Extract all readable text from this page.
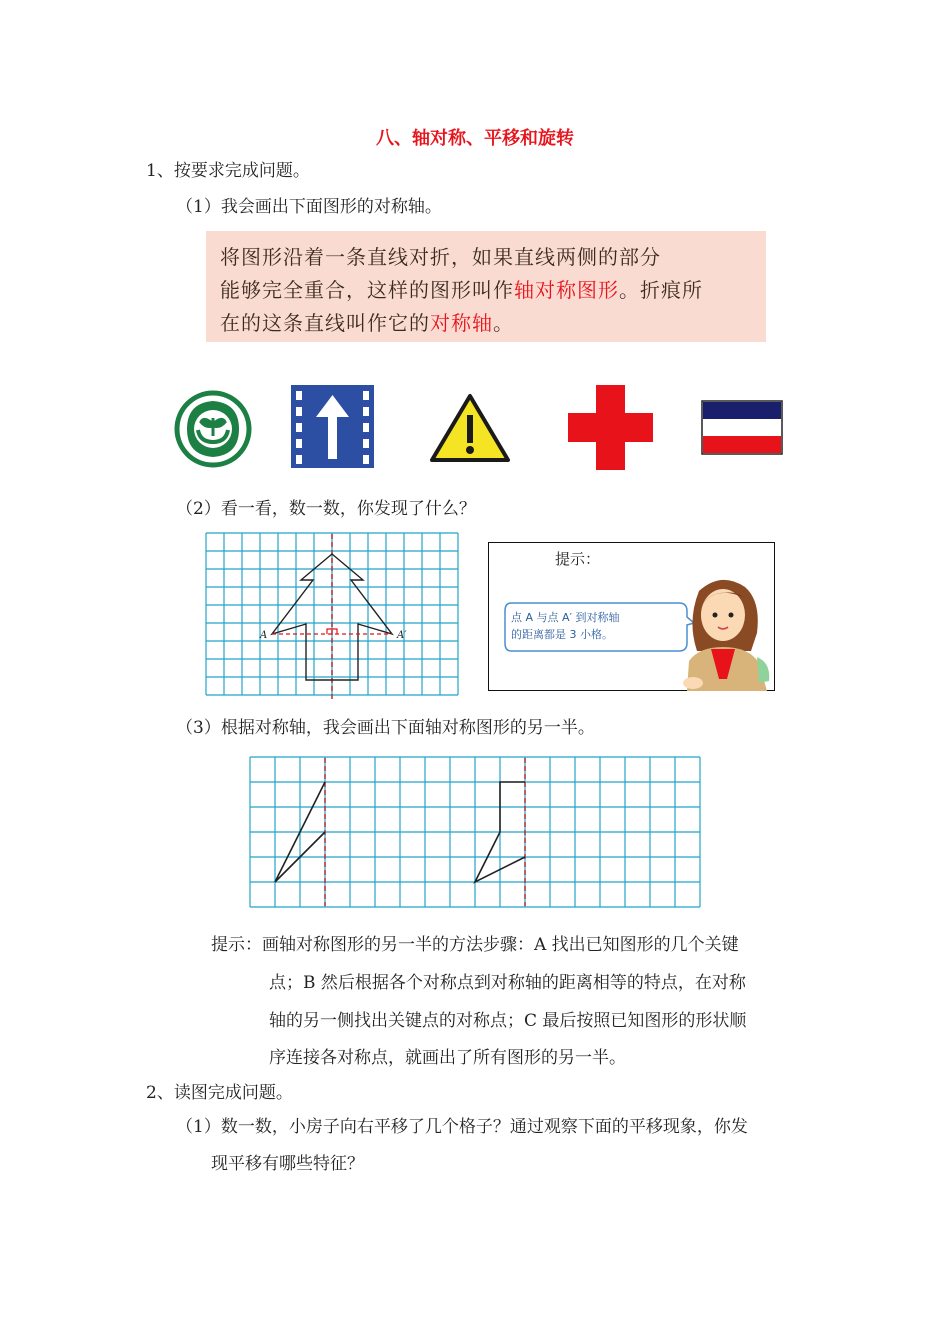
八、轴对称、平移和旋转
1、按要求完成问题。
（1）我会画出下面图形的对称轴。
将图形沿着一条直线对折，如果直线两侧的部分
能够完全重合，这样的图形叫作轴对称图形。折痕所
在的这条直线叫作它的对称轴。
（2）看一看，数一数，你发现了什么？
A	A′
提示：
点 A 与点 A′ 到对称轴
的距离都是 3 小格。
（3）根据对称轴，我会画出下面轴对称图形的另一半。
提示：画轴对称图形的另一半的方法步骤：A 找出已知图形的几个关键
点；B 然后根据各个对称点到对称轴的距离相等的特点，在对称
轴的另一侧找出关键点的对称点；C 最后按照已知图形的形状顺
序连接各对称点，就画出了所有图形的另一半。
2、读图完成问题。
（1）数一数，小房子向右平移了几个格子？通过观察下面的平移现象，你发
现平移有哪些特征？
